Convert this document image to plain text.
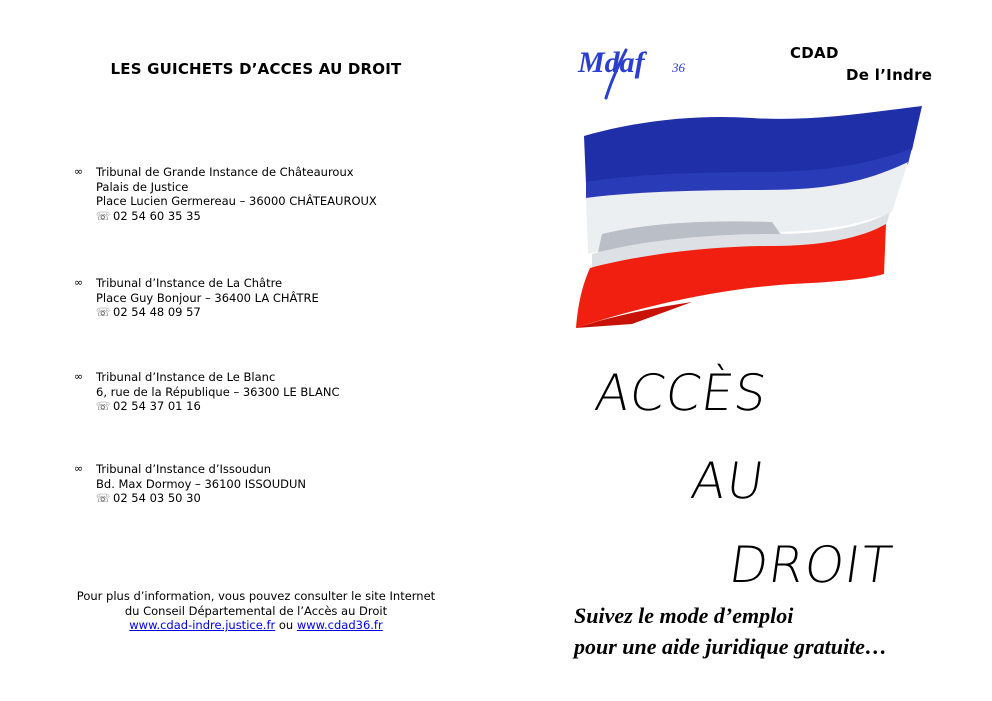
LES GUICHETS D’ACCES AU DROIT
∞	Tribunal de Grande Instance de Châteauroux
Palais de Justice
Place Lucien Germereau – 36000 CHÂTEAUROUX
☏ 02 54 60 35 35
∞	Tribunal d’Instance de La Châtre
Place Guy Bonjour – 36400 LA CHÂTRE
☏ 02 54 48 09 57
∞	Tribunal d’Instance de Le Blanc
6, rue de la République – 36300 LE BLANC
☏ 02 54 37 01 16
∞	Tribunal d’Instance d’Issoudun
Bd. Max Dormoy – 36100 ISSOUDUN
☏ 02 54 03 50 30
Pour plus d’information, vous pouvez consulter le site Internet
du Conseil Départemental de l’Accès au Droit
www.cdad-indre.justice.fr ou www.cdad36.fr
Mdaf 36
CDAD
De l’Indre
ACCÈS
AU
DROIT
Suivez le mode d’emploi
pour une aide juridique gratuite…
